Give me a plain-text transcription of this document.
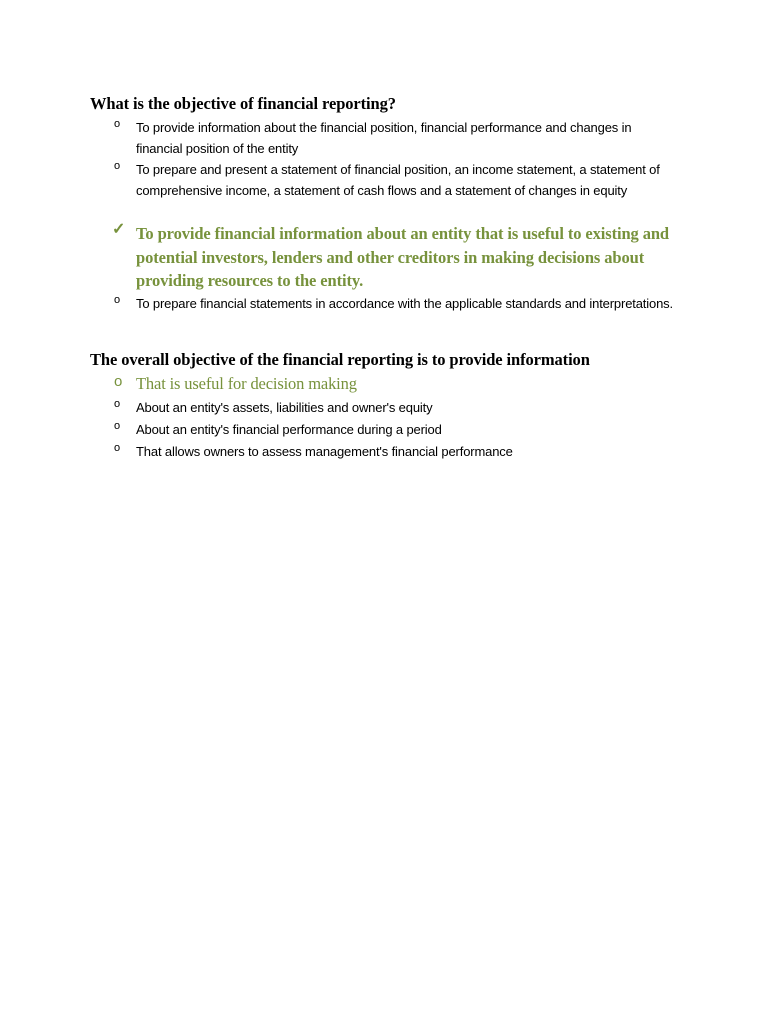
What is the objective of financial reporting?
o To provide information about the financial position, financial performance and changes in financial position of the entity
o To prepare and present a statement of financial position, an income statement, a statement of comprehensive income, a statement of cash flows and a statement of changes in equity
✓ To provide financial information about an entity that is useful to existing and potential investors, lenders and other creditors in making decisions about providing resources to the entity.
o To prepare financial statements in accordance with the applicable standards and interpretations.
The overall objective of the financial reporting is to provide information
o That is useful for decision making
o About an entity's assets, liabilities and owner's equity
o About an entity's financial performance during a period
o That allows owners to assess management's financial performance
